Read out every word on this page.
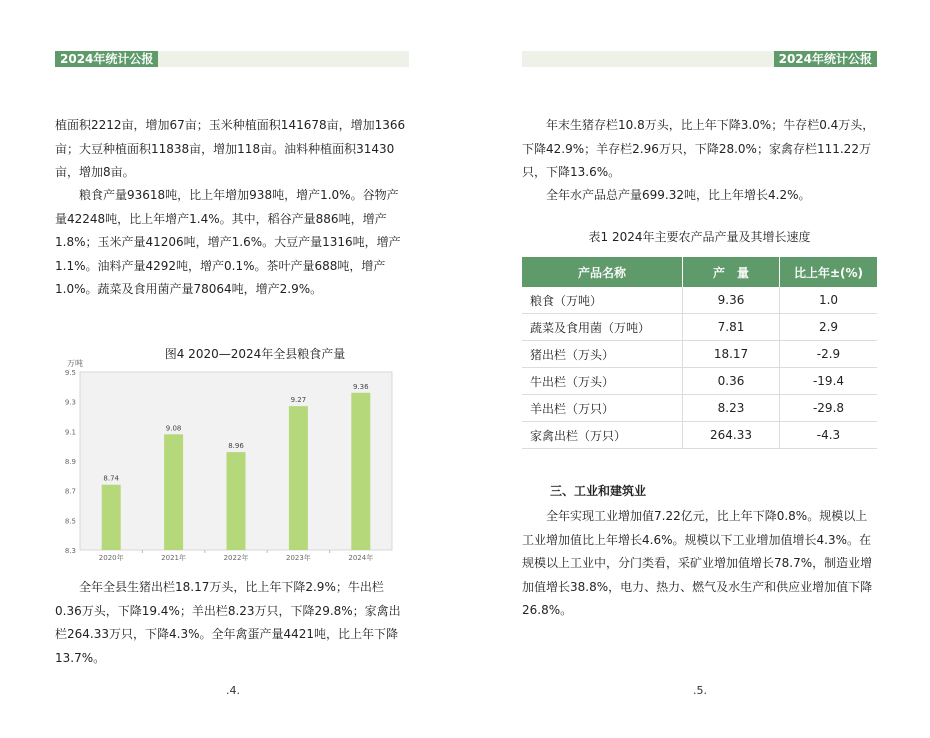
2024年统计公报

植面积2212亩，增加67亩；玉米种植面积141678亩，增加1366亩；大豆种植面积11838亩，增加118亩。油料种植面积31430亩，增加8亩。

粮食产量93618吨，比上年增加938吨，增产1.0%。谷物产量42248吨，比上年增产1.4%。其中，稻谷产量886吨，增产1.8%；玉米产量41206吨，增产1.6%。大豆产量1316吨，增产1.1%。油料产量4292吨，增产0.1%。茶叶产量688吨，增产1.0%。蔬菜及食用菌产量78064吨，增产2.9%。

图4 2020—2024年全县粮食产量
万吨
8.3
8.5
8.7
8.9
9.1
9.3
9.5
8.74
2020年
9.08
2021年
8.96
2022年
9.27
2023年
9.36
2024年

全年全县生猪出栏18.17万头，比上年下降2.9%；牛出栏0.36万头，下降19.4%；羊出栏8.23万只，下降29.8%；家禽出栏264.33万只，下降4.3%。全年禽蛋产量4421吨，比上年下降13.7%。

.4.
2024年统计公报

年末生猪存栏10.8万头，比上年下降3.0%；牛存栏0.4万头，下降42.9%；羊存栏2.96万只，下降28.0%；家禽存栏111.22万只，下降13.6%。

全年水产品总产量699.32吨，比上年增长4.2%。

表1 2024年主要农产品产量及其增长速度

全年实现工业增加值7.22亿元，比上年下降0.8%。规模以上工业增加值比上年增长4.6%。规模以下工业增加值增长4.3%。在规模以上工业中，分门类看，采矿业增加值增长78.7%，制造业增加值增长38.8%，电力、热力、燃气及水生产和供应业增加值下降26.8%。

三、工业和建筑业
.5.
产品名称	产　量	比上年±(%)
粮食（万吨）	9.36	1.0
蔬菜及食用菌（万吨）	7.81	2.9
猪出栏（万头）	18.17	-2.9
牛出栏（万头）	0.36	-19.4
羊出栏（万只）	8.23	-29.8
家禽出栏（万只）	264.33	-4.3
